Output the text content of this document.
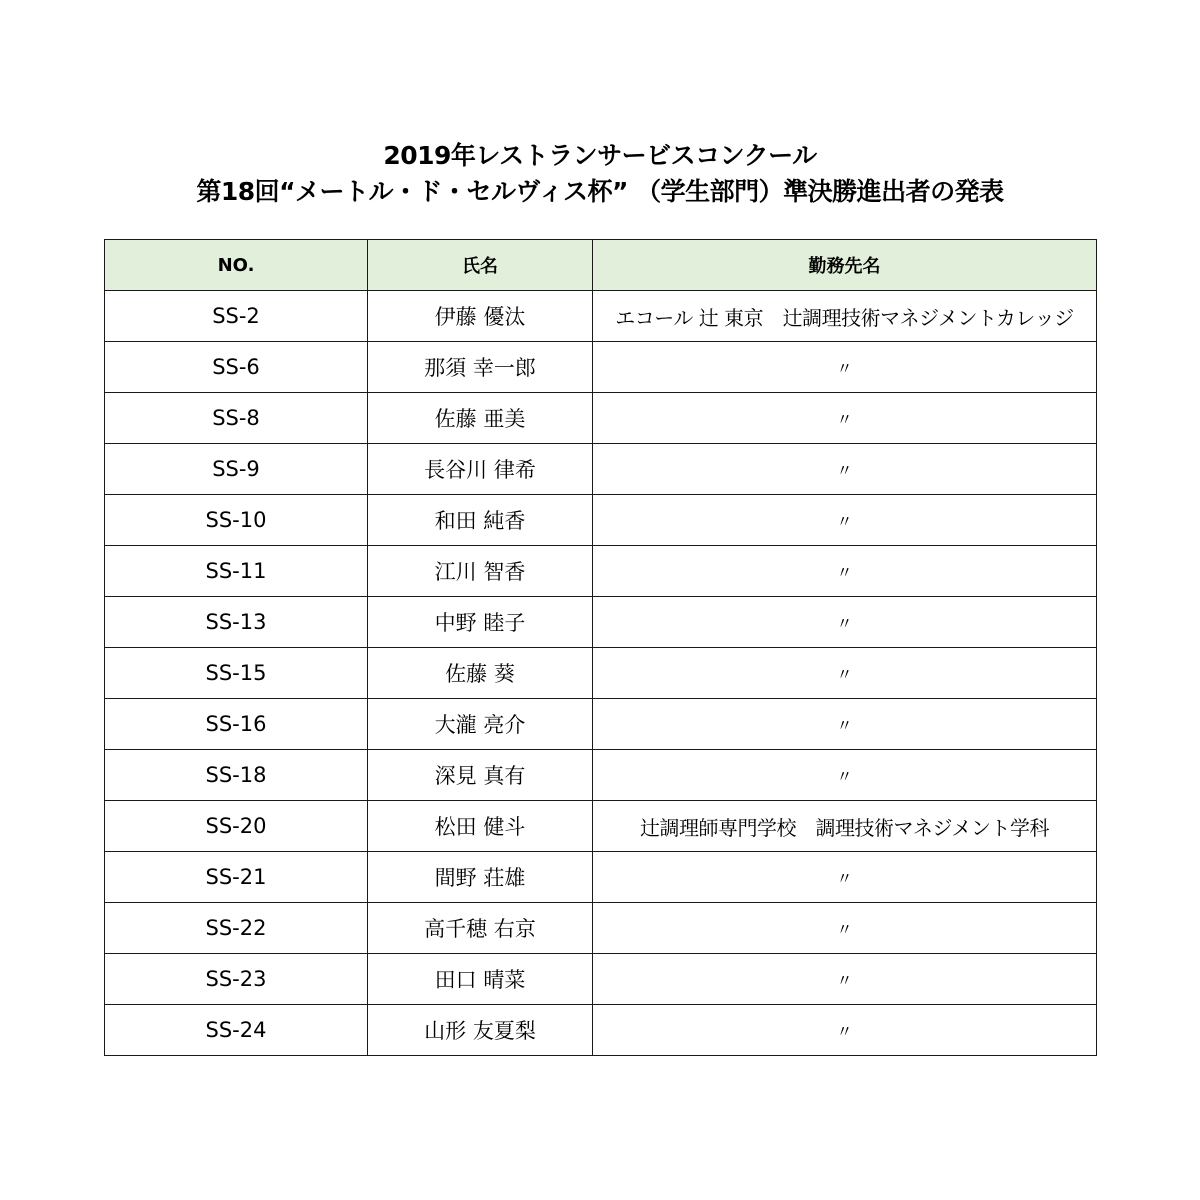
2019年レストランサービスコンクール
第18回“メートル・ド・セルヴィス杯” （学生部門）準決勝進出者の発表
NO.	氏名	勤務先名
SS-2	伊藤 優汰	エコール 辻 東京　辻調理技術マネジメントカレッジ
SS-6	那須 幸一郎	〃
SS-8	佐藤 亜美	〃
SS-9	長谷川 律希	〃
SS-10	和田 純香	〃
SS-11	江川 智香	〃
SS-13	中野 睦子	〃
SS-15	佐藤 葵	〃
SS-16	大瀧 亮介	〃
SS-18	深見 真有	〃
SS-20	松田 健斗	辻調理師専門学校　調理技術マネジメント学科
SS-21	間野 荘雄	〃
SS-22	高千穂 右京	〃
SS-23	田口 晴菜	〃
SS-24	山形 友夏梨	〃
